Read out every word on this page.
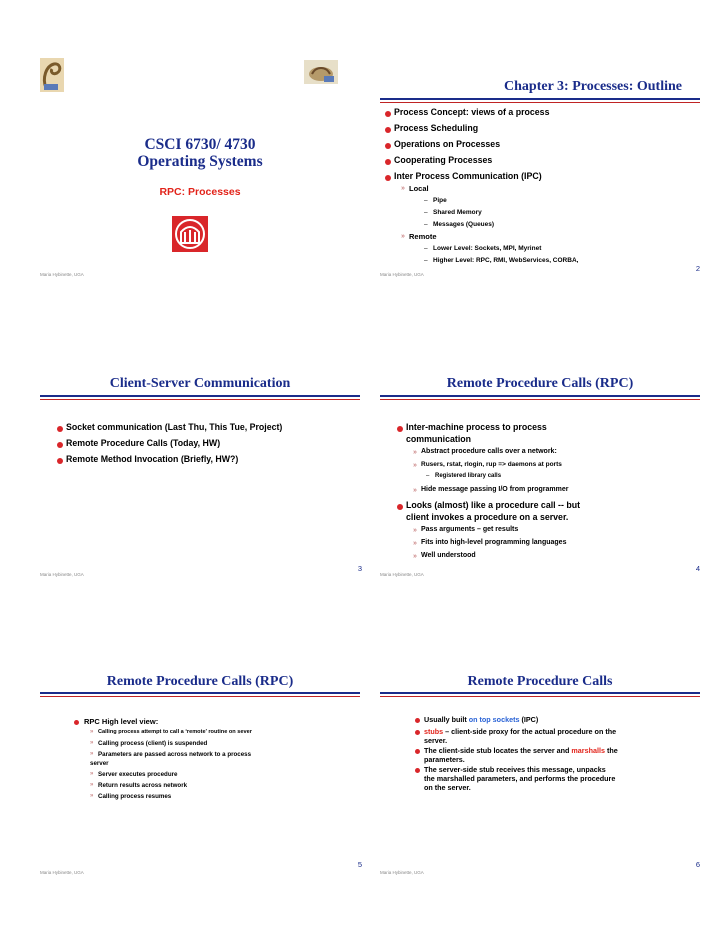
CSCI 6730/ 4730
Operating Systems
RPC: Processes
Maria Hybinette, UGA
Chapter 3: Processes: Outline
Process Concept: views of a process
Process Scheduling
Operations on Processes
Cooperating Processes
Inter Process Communication (IPC)
» Local
– Pipe
– Shared Memory
– Messages (Queues)
» Remote
– Lower Level: Sockets, MPI, Myrinet
– Higher Level: RPC, RMI, WebServices, CORBA,
2
Maria Hybinette, UGA
Client-Server Communication
Socket communication (Last Thu, This Tue, Project)
Remote Procedure Calls (Today, HW)
Remote Method Invocation (Briefly, HW?)
3
Maria Hybinette, UGA
Remote Procedure Calls (RPC)
Inter-machine process to process
communication
» Abstract procedure calls over a network:
» Rusers, rstat, rlogin, rup => daemons at ports
– Registered library calls
» Hide message passing I/O from programmer
Looks (almost) like a procedure call -- but
client invokes a procedure on a server.
» Pass arguments – get results
» Fits into high-level programming languages
» Well understood
4
Maria Hybinette, UGA
Remote Procedure Calls (RPC)
RPC High level view:
» Calling process attempt to call a ‘remote’ routine on sever
» Calling process (client) is suspended
» Parameters are passed across network to a process
server
» Server executes procedure
» Return results across network
» Calling process resumes
5
Maria Hybinette, UGA
Remote Procedure Calls
Usually built on top sockets (IPC)
stubs – client-side proxy for the actual procedure on the
server.
The client-side stub locates the server and marshalls the
parameters.
The server-side stub receives this message, unpacks
the marshalled parameters, and performs the procedure
on the server.
6
Maria Hybinette, UGA
